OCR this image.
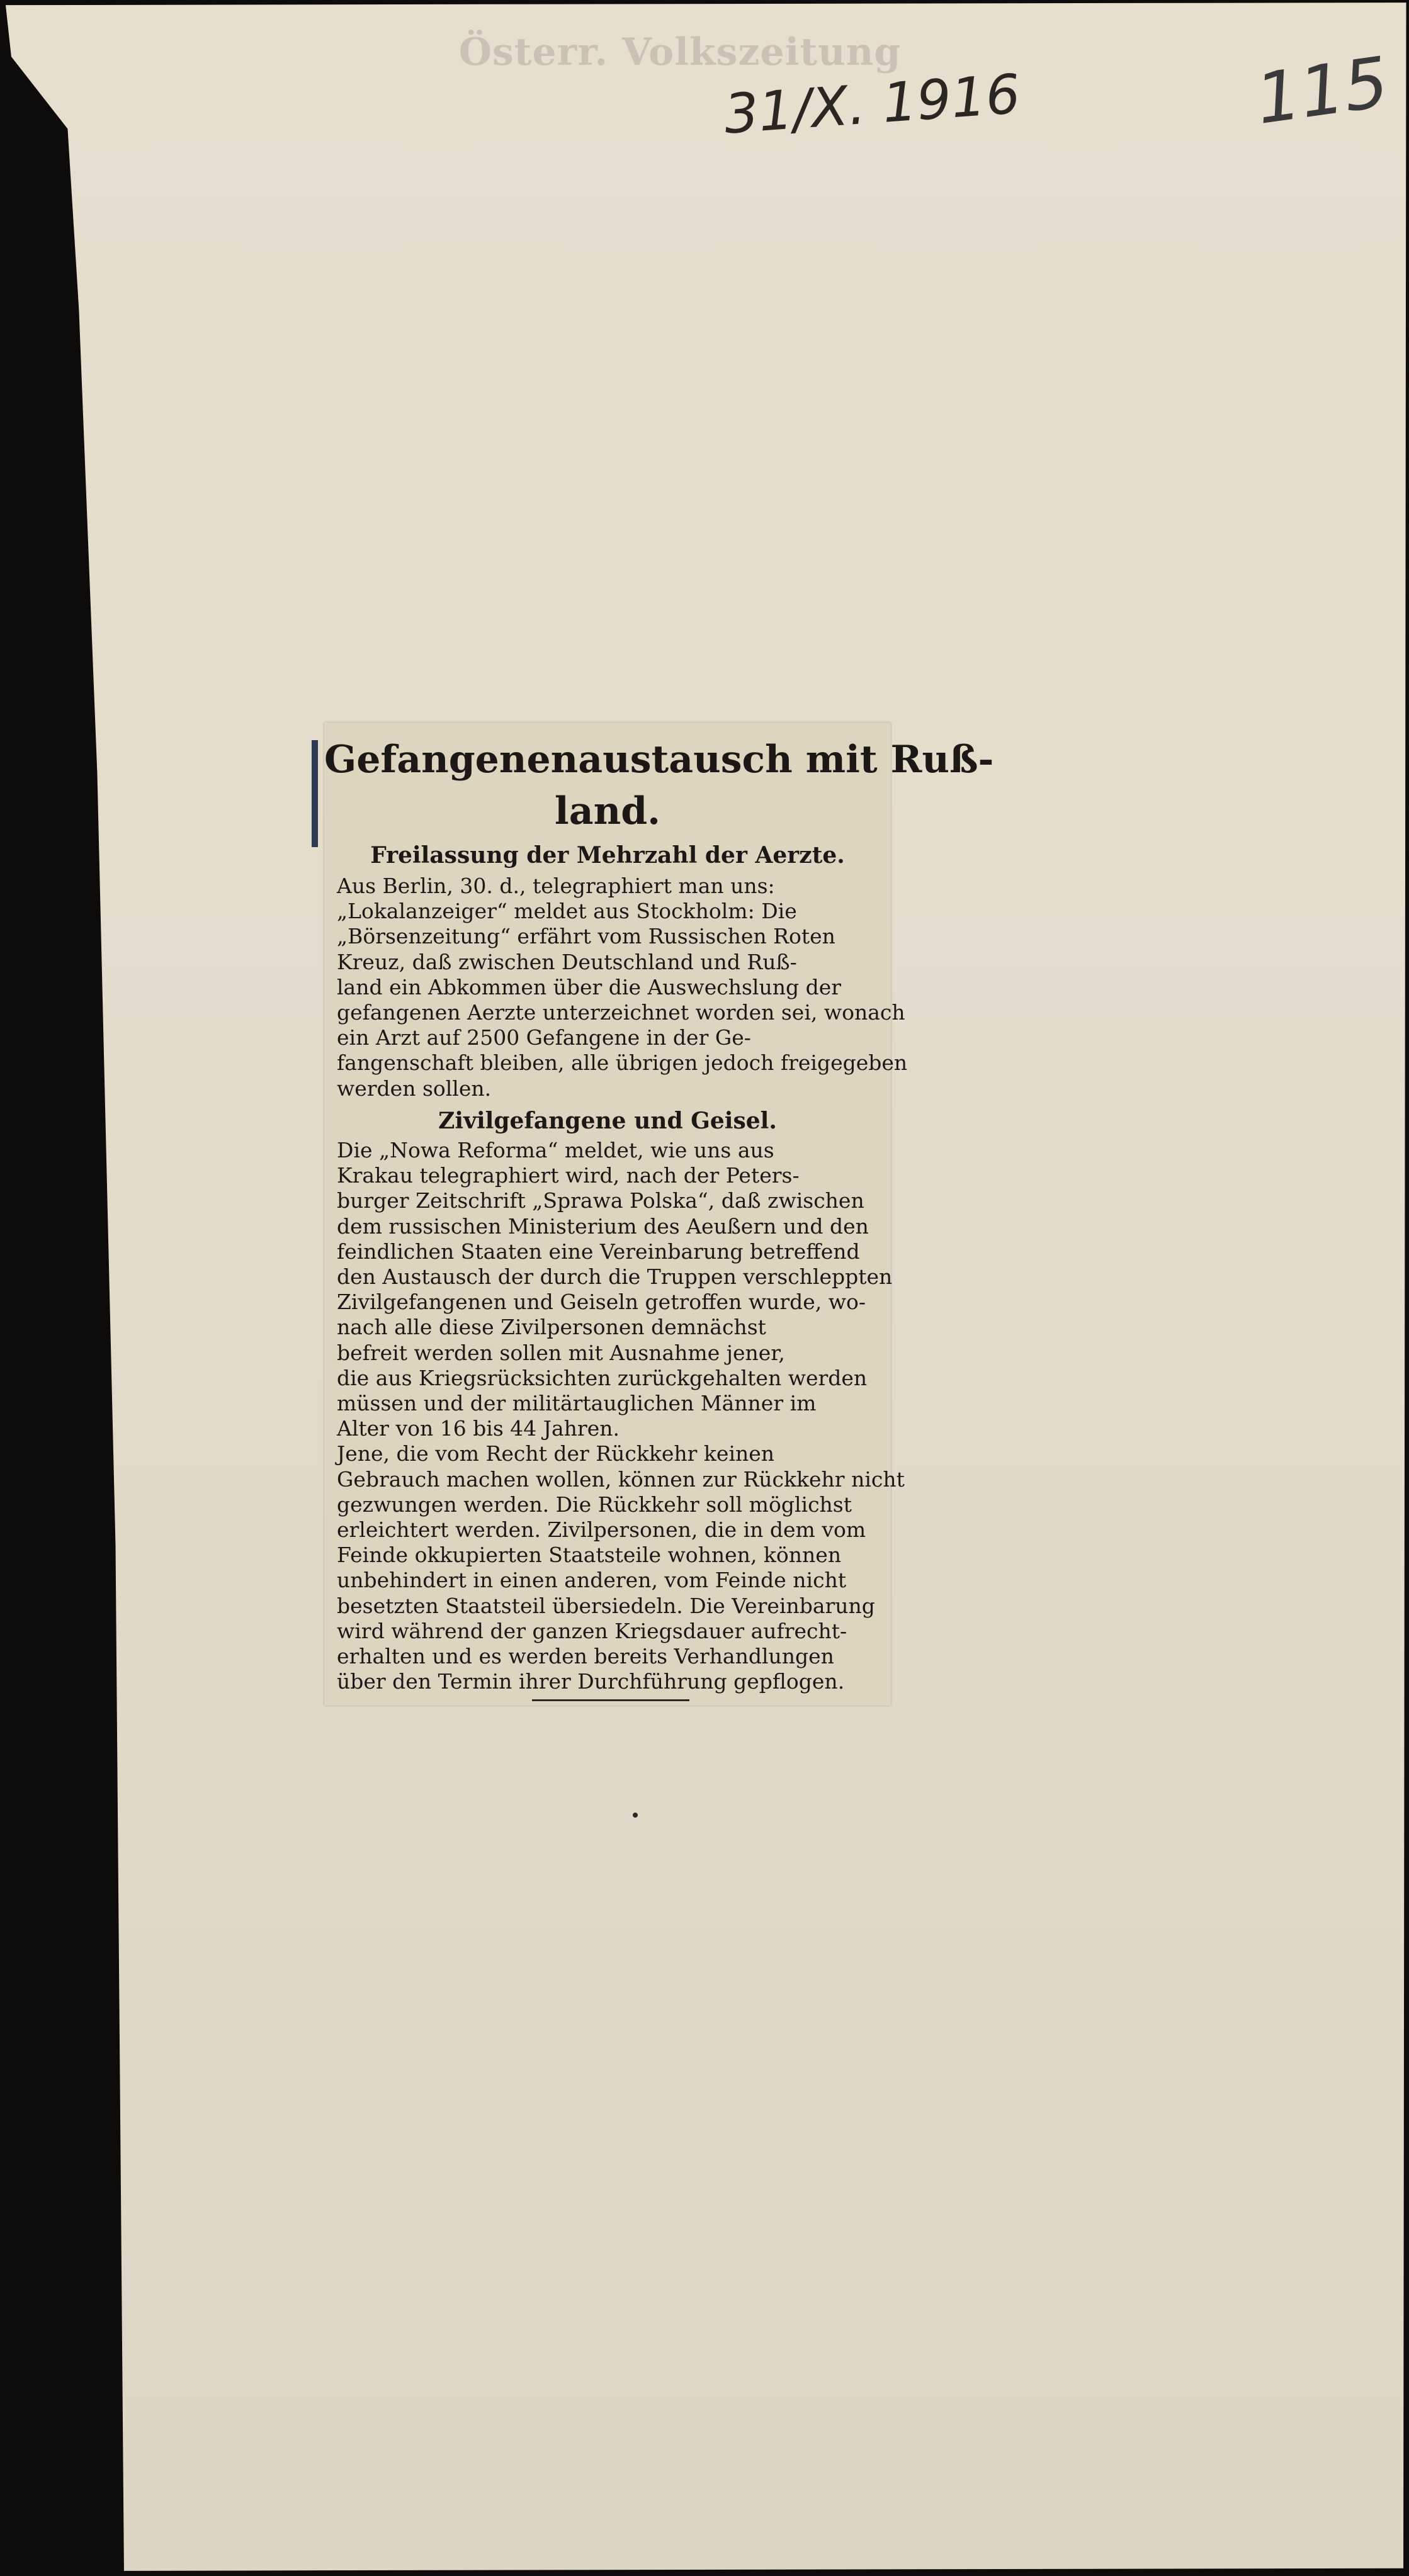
Österr. Volkszeitung
31/X. 1916	115
Gefangenenaustausch mit Ruß-
land.
Freilassung der Mehrzahl der Aerzte.
Aus Berlin, 30. d., telegraphiert man uns:
„Lokalanzeiger“ meldet aus Stockholm: Die
„Börsenzeitung“ erfährt vom Russischen Roten
Kreuz, daß zwischen Deutschland und Ruß-
land ein Abkommen über die Auswechslung der
gefangenen Aerzte unterzeichnet worden sei, wonach
ein Arzt auf 2500 Gefangene in der Ge-
fangenschaft bleiben, alle übrigen jedoch freigegeben
werden sollen.
Zivilgefangene und Geisel.
Die „Nowa Reforma“ meldet, wie uns aus
Krakau telegraphiert wird, nach der Peters-
burger Zeitschrift „Sprawa Polska“, daß zwischen
dem russischen Ministerium des Aeußern und den
feindlichen Staaten eine Vereinbarung betreffend
den Austausch der durch die Truppen verschleppten
Zivilgefangenen und Geiseln getroffen wurde, wo-
nach alle diese Zivilpersonen demnächst
befreit werden sollen mit Ausnahme jener,
die aus Kriegsrücksichten zurückgehalten werden
müssen und der militärtauglichen Männer im
Alter von 16 bis 44 Jahren.
Jene, die vom Recht der Rückkehr keinen
Gebrauch machen wollen, können zur Rückkehr nicht
gezwungen werden. Die Rückkehr soll möglichst
erleichtert werden. Zivilpersonen, die in dem vom
Feinde okkupierten Staatsteile wohnen, können
unbehindert in einen anderen, vom Feinde nicht
besetzten Staatsteil übersiedeln. Die Vereinbarung
wird während der ganzen Kriegsdauer aufrecht-
erhalten und es werden bereits Verhandlungen
über den Termin ihrer Durchführung gepflogen.
